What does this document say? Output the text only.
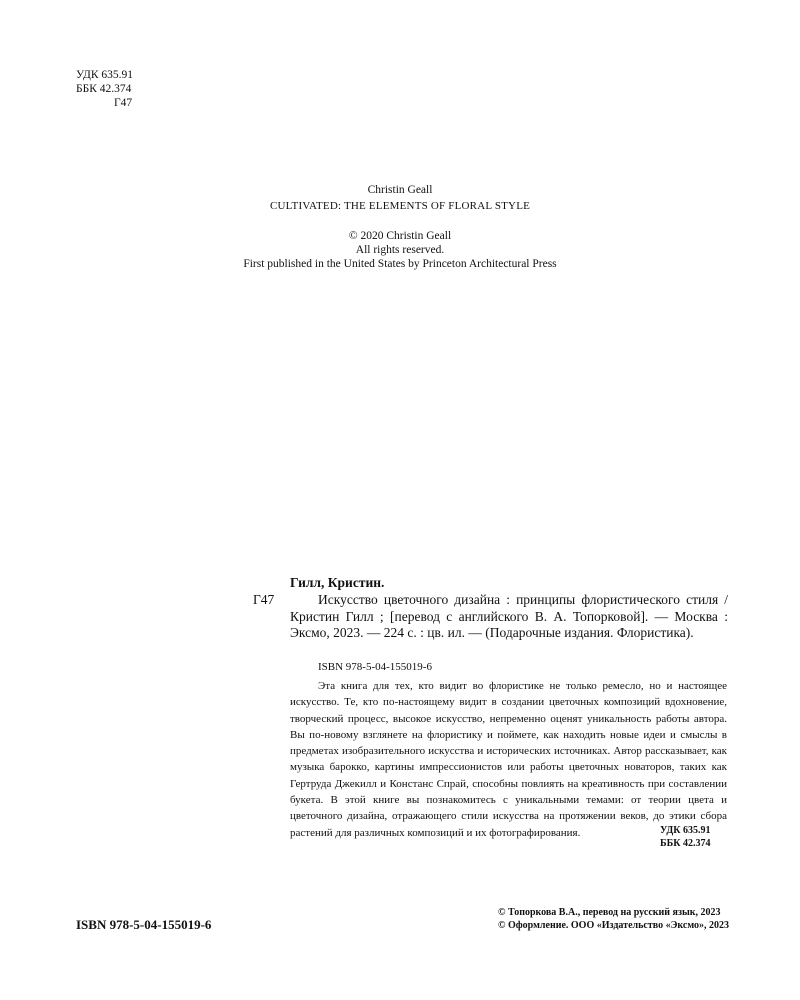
УДК 635.91
ББК 42.374
Г47
Christin Geall
CULTIVATED: THE ELEMENTS OF FLORAL STYLE
© 2020 Christin Geall
All rights reserved.
First published in the United States by Princeton Architectural Press
Гилл, Кристин.
Г47	Искусство цветочного дизайна : принципы флористического стиля / Кристин Гилл ; [перевод с английского В. А. Топорковой]. — Москва : Эксмо, 2023. — 224 с. : цв. ил. — (Подарочные издания. Флористика).
ISBN 978-5-04-155019-6
Эта книга для тех, кто видит во флористике не только ремесло, но и настоящее искусство. Те, кто по-настоящему видит в создании цветочных композиций вдохновение, творческий процесс, высокое искусство, непременно оценят уникальность работы автора. Вы по-новому взглянете на флористику и поймете, как находить новые идеи и смыслы в предметах изобразительного искусства и исторических источниках. Автор рассказывает, как музыка барокко, картины импрессионистов или работы цветочных новаторов, таких как Гертруда Джекилл и Констанс Спрай, способны повлиять на креативность при составлении букета. В этой книге вы познакомитесь с уникальными темами: от теории цвета и цветочного дизайна, отражающего стили искусства на протяжении веков, до этики сбора растений для различных композиций и их фотографирования.	УДК 635.91
ББК 42.374
ISBN 978-5-04-155019-6
© Топоркова В.А., перевод на русский язык, 2023
© Оформление. ООО «Издательство «Эксмо», 2023
